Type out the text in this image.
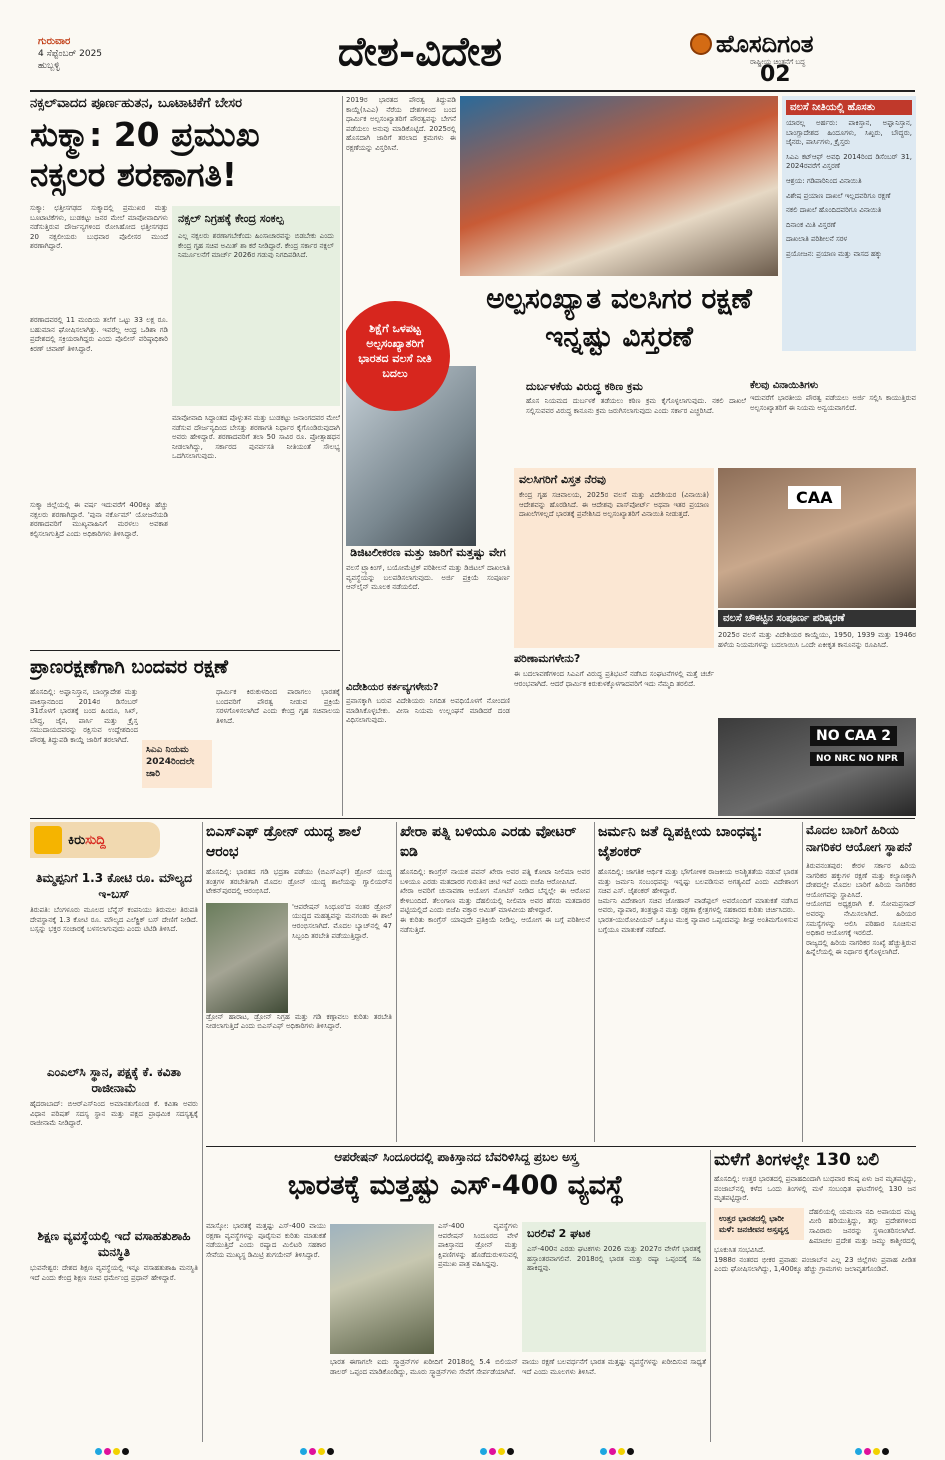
ಗುರುವಾರ
4 ಸೆಪ್ಟೆಂಬರ್ 2025
ಹುಬ್ಬಳ್ಳಿ	ದೇಶ-ವಿದೇಶ	ಹೊಸದಿಗಂತ
ರಾಷ್ಟ್ರೀಯ ಚಿಂತನೆಗೆ ಬದ್ಧ
02
ನಕ್ಸಲ್‌ವಾದದ ಪೂರ್ಣಹುತನ, ಬೂಟಾಟಿಕೆಗೆ ಬೇಸರ
ಸುಕ್ಮಾ: 20 ಪ್ರಮುಖ ನಕ್ಸಲರ ಶರಣಾಗತಿ!
ಸುಕ್ಮಾ: ಛತ್ತೀಸಗಢದ ಸುಕ್ಮಾದಲ್ಲಿ ಪ್ರಮುಖರ ಮತ್ತು ಬೂಟಾಟಿಕೆಗಳು, ಬುಡಕಟ್ಟು ಜನರ ಮೇಲೆ ಮಾವೋವಾದಿಗಳು ನಡೆಸುತ್ತಿರುವ ದೌರ್ಜನ್ಯಗಳಿಂದ ರೋಸಿಹೋದ ಛತ್ತೀಸಗಢದ 20 ನಕ್ಸಲೀಯರು ಬುಧವಾರ ಪೊಲೀಸರ ಮುಂದೆ ಶರಣಾಗಿದ್ದಾರೆ.
ನಕ್ಸಲ್ ನಿಗ್ರಹಕ್ಕೆ ಕೇಂದ್ರ ಸಂಕಲ್ಪ
ಎಲ್ಲ ನಕ್ಸಲರು ಶರಣಾಗಬೇಕೆಂದು ಹಿಂಸಾಚಾರವನ್ನು ಬಿಡಬೇಕು ಎಂದು ಕೇಂದ್ರ ಗೃಹ ಸಚಿವ ಅಮಿತ್ ಶಾ ಕರೆ ನೀಡಿದ್ದಾರೆ. ಕೇಂದ್ರ ಸರ್ಕಾರ ನಕ್ಸಲ್ ನಿರ್ಮೂಲನೆಗೆ ಮಾರ್ಚ್ 2026ರ ಗಡುವು ನಿಗದಿಪಡಿಸಿದೆ.
ಶರಣಾದವರಲ್ಲಿ 11 ಮಂದಿಯ ತಲೆಗೆ ಒಟ್ಟು 33 ಲಕ್ಷ ರೂ. ಬಹುಮಾನ ಘೋಷಿಸಲಾಗಿತ್ತು. ಇವರೆಲ್ಲ ಆಂಧ್ರ ಒಡಿಶಾ ಗಡಿ ಪ್ರದೇಶದಲ್ಲಿ ಸಕ್ರಿಯರಾಗಿದ್ದರು ಎಂದು ಪೊಲೀಸ್ ವರಿಷ್ಠಾಧಿಕಾರಿ ಕಿರಣ್ ಚವಾಣ್ ತಿಳಿಸಿದ್ದಾರೆ.
ಮಾವೋವಾದಿ ಸಿದ್ಧಾಂತದ ಪೊಳ್ಳುತನ ಮತ್ತು ಬುಡಕಟ್ಟು ಜನಾಂಗದವರ ಮೇಲೆ ನಡೆಸುವ ದೌರ್ಜನ್ಯದಿಂದ ಬೇಸತ್ತು ಶರಣಾಗತಿ ನಿರ್ಧಾರ ಕೈಗೊಂಡಿರುವುದಾಗಿ ಅವರು ಹೇಳಿದ್ದಾರೆ. ಶರಣಾದವರಿಗೆ ತಲಾ 50 ಸಾವಿರ ರೂ. ಪ್ರೋತ್ಸಾಹಧನ ನೀಡಲಾಗಿದ್ದು, ಸರ್ಕಾರದ ಪುನರ್ವಸತಿ ನೀತಿಯಂತೆ ಸೌಲಭ್ಯ ಒದಗಿಸಲಾಗುವುದು.
ಸುಕ್ಮಾ ಜಿಲ್ಲೆಯಲ್ಲಿ ಈ ವರ್ಷ ಇದುವರೆಗೆ 400ಕ್ಕೂ ಹೆಚ್ಚು ನಕ್ಸಲರು ಶರಣಾಗಿದ್ದಾರೆ. 'ಪುನಾ ನರ್ಕೊಮ್' ಯೋಜನೆಯಡಿ ಶರಣಾದವರಿಗೆ ಮುಖ್ಯವಾಹಿನಿಗೆ ಮರಳಲು ಅವಕಾಶ ಕಲ್ಪಿಸಲಾಗುತ್ತಿದೆ ಎಂದು ಅಧಿಕಾರಿಗಳು ತಿಳಿಸಿದ್ದಾರೆ.
ಪ್ರಾಣರಕ್ಷಣೆಗಾಗಿ ಬಂದವರ ರಕ್ಷಣೆ
ಹೊಸದಿಲ್ಲಿ: ಅಫ್ಘಾನಿಸ್ತಾನ, ಬಾಂಗ್ಲಾದೇಶ ಮತ್ತು ಪಾಕಿಸ್ತಾನದಿಂದ 2014ರ ಡಿಸೆಂಬರ್ 31ರೊಳಗೆ ಭಾರತಕ್ಕೆ ಬಂದ ಹಿಂದೂ, ಸಿಖ್, ಬೌದ್ಧ, ಜೈನ, ಪಾರ್ಸಿ ಮತ್ತು ಕ್ರೈಸ್ತ ಸಮುದಾಯದವರನ್ನು ರಕ್ಷಿಸುವ ಉದ್ದೇಶದಿಂದ ಪೌರತ್ವ ತಿದ್ದುಪಡಿ ಕಾಯ್ದೆ ಜಾರಿಗೆ ತರಲಾಗಿದೆ.
ಸಿಎಎ ನಿಯಮ 2024ರಿಂದಲೇ ಜಾರಿ
ಧಾರ್ಮಿಕ ಕಿರುಕುಳದಿಂದ ಪಾರಾಗಲು ಭಾರತಕ್ಕೆ ಬಂದವರಿಗೆ ಪೌರತ್ವ ನೀಡುವ ಪ್ರಕ್ರಿಯೆ ಸರಳಗೊಳಿಸಲಾಗಿದೆ ಎಂದು ಕೇಂದ್ರ ಗೃಹ ಸಚಿವಾಲಯ ತಿಳಿಸಿದೆ.
2019ರ ಭಾರತದ ಪೌರತ್ವ ತಿದ್ದುಪಡಿ ಕಾಯ್ದೆ(ಸಿಎಎ) ನೆರೆಯ ದೇಶಗಳಿಂದ ಬಂದ ಧಾರ್ಮಿಕ ಅಲ್ಪಸಂಖ್ಯಾತರಿಗೆ ಪೌರತ್ವವನ್ನು ಬೇಗನೆ ಪಡೆಯಲು ಅನುವು ಮಾಡಿಕೊಟ್ಟಿದೆ. 2025ರಲ್ಲಿ ಹೊಸದಾಗಿ ಜಾರಿಗೆ ತರಲಾದ ಕ್ರಮಗಳು ಈ ರಕ್ಷಣೆಯನ್ನು ವಿಸ್ತರಿಸಿವೆ.
ವಲಸೆ ನೀತಿಯಲ್ಲಿ ಹೊಸತು
ಯಾರಲ್ಲ ಅರ್ಹರು: ಪಾಕಿಸ್ತಾನ, ಅಫ್ಘಾನಿಸ್ತಾನ, ಬಾಂಗ್ಲಾದೇಶದ ಹಿಂದೂಗಳು, ಸಿಖ್ಖರು, ಬೌದ್ಧರು, ಜೈನರು, ಪಾರ್ಸಿಗಳು, ಕ್ರೈಸ್ತರು
ಸಿಎಎ ಕಟ್‌ಆಫ್ ಅವಧಿ 2014ರಿಂದ ಡಿಸೆಂಬರ್ 31, 2024ರವರೆಗೆ ವಿಸ್ತರಣೆ
ಆಶ್ರಯ: ಗಡಿಪಾರಿನಿಂದ ವಿನಾಯಿತಿ
ವಿಶೇಷ ಪ್ರಯಾಣ ದಾಖಲೆ ಇಲ್ಲದವರಿಗೂ ರಕ್ಷಣೆ
ನಕಲಿ ದಾಖಲೆ ಹೊಂದಿದವರಿಗೂ ವಿನಾಯಿತಿ
ದಿನಾಂಕ ಮಿತಿ ವಿಸ್ತರಣೆ
ದಾಖಲಾತಿ ಪರಿಶೀಲನೆ ಸರಳ
ಪ್ರಯೋಜನ: ಪ್ರಯಾಣ ಮತ್ತು ವಾಸದ ಹಕ್ಕು
ಅಲ್ಪಸಂಖ್ಯಾತ ವಲಸಿಗರ ರಕ್ಷಣೆ ಇನ್ನಷ್ಟು ವಿಸ್ತರಣೆ
ಶಿಕ್ಷೆಗೆ ಒಳಪಟ್ಟ ಅಲ್ಪಸಂಖ್ಯಾತರಿಗೆ ಭಾರತದ ವಲಸೆ ನೀತಿ ಬದಲು
ದುರ್ಬಳಕೆಯ ವಿರುದ್ಧ ಕಠಿಣ ಕ್ರಮ
ಹೊಸ ನಿಯಮದ ದುರ್ಬಳಕೆ ತಡೆಯಲು ಕಠಿಣ ಕ್ರಮ ಕೈಗೊಳ್ಳಲಾಗುವುದು. ನಕಲಿ ದಾಖಲೆ ಸಲ್ಲಿಸುವವರ ವಿರುದ್ಧ ಕಾನೂನು ಕ್ರಮ ಜರುಗಿಸಲಾಗುವುದು ಎಂದು ಸರ್ಕಾರ ಎಚ್ಚರಿಸಿದೆ.
ಕೆಲವು ವಿನಾಯಿತಿಗಳು
ಇದುವರೆಗೆ ಭಾರತೀಯ ಪೌರತ್ವ ಪಡೆಯಲು ಅರ್ಜಿ ಸಲ್ಲಿಸಿ ಕಾಯುತ್ತಿರುವ ಅಲ್ಪಸಂಖ್ಯಾತರಿಗೆ ಈ ನಿಯಮ ಅನ್ವಯವಾಗಲಿದೆ.
ವಲಸಿಗರಿಗೆ ವಿಸ್ತತ ನೆರವು
ಕೇಂದ್ರ ಗೃಹ ಸಚಿವಾಲಯ, 2025ರ ವಲಸೆ ಮತ್ತು ವಿದೇಶಿಯರ (ವಿನಾಯಿತಿ) ಆದೇಶವನ್ನು ಹೊರಡಿಸಿದೆ. ಈ ಆದೇಶವು ಪಾಸ್‌ಪೋರ್ಟ್ ಅಥವಾ ಇತರ ಪ್ರಯಾಣ ದಾಖಲೆಗಳಿಲ್ಲದೆ ಭಾರತಕ್ಕೆ ಪ್ರವೇಶಿಸಿದ ಅಲ್ಪಸಂಖ್ಯಾತರಿಗೆ ವಿನಾಯಿತಿ ನೀಡುತ್ತದೆ.
CAA
ವಲಸೆ ಚೌಕಟ್ಟಿನ ಸಂಪೂರ್ಣ ಪರಿಷ್ಕರಣೆ
2025ರ ವಲಸೆ ಮತ್ತು ವಿದೇಶಿಯರ ಕಾಯ್ದೆಯು, 1950, 1939 ಮತ್ತು 1946ರ ಹಳೆಯ ನಿಯಮಗಳನ್ನು ಬದಲಾಯಿಸಿ ಒಂದೇ ಏಕೀಕೃತ ಕಾನೂನನ್ನು ರೂಪಿಸಿದೆ.
ಡಿಜಿಟಲೀಕರಣ ಮತ್ತು ಜಾರಿಗೆ ಮತ್ತಷ್ಟು ವೇಗ
ವಲಸೆ ಟ್ರ್ಯಾಕಿಂಗ್, ಬಯೋಮೆಟ್ರಿಕ್ ಪರಿಶೀಲನೆ ಮತ್ತು ಡಿಜಿಟಲ್ ದಾಖಲಾತಿ ವ್ಯವಸ್ಥೆಯನ್ನು ಬಲಪಡಿಸಲಾಗುವುದು. ಅರ್ಜಿ ಪ್ರಕ್ರಿಯೆ ಸಂಪೂರ್ಣ ಆನ್‌ಲೈನ್ ಮೂಲಕ ನಡೆಯಲಿದೆ.
ಪರಿಣಾಮಗಳೇನು?
ಈ ಬದಲಾವಣೆಗಳಿಂದ ಸಿಎಎಗೆ ವಿರುದ್ಧ ಪ್ರತಿಭಟನೆ ನಡೆಸಿದ ಸಂಘಟನೆಗಳಲ್ಲಿ ಮತ್ತೆ ಚರ್ಚೆ ಆರಂಭವಾಗಿದೆ. ಆದರೆ ಧಾರ್ಮಿಕ ಕಿರುಕುಳಕ್ಕೊಳಗಾದವರಿಗೆ ಇದು ನೆಮ್ಮದಿ ತರಲಿದೆ.
ವಿದೇಶಿಯರ ಕರ್ತವ್ಯಗಳೇನು?
ಪ್ರವಾಸಕ್ಕಾಗಿ ಬರುವ ವಿದೇಶಿಯರು ನಿಗದಿತ ಅವಧಿಯೊಳಗೆ ನೋಂದಣಿ ಮಾಡಿಸಿಕೊಳ್ಳಬೇಕು. ವೀಸಾ ನಿಯಮ ಉಲ್ಲಂಘನೆ ಮಾಡಿದರೆ ದಂಡ ವಿಧಿಸಲಾಗುವುದು.
NO CAA 2
NO NRC NO NPR
ಕಿರು ಸುದ್ದಿ
ತಿಮ್ಮಪ್ಪನಿಗೆ 1.3 ಕೋಟಿ ರೂ. ಮೌಲ್ಯದ ಇ-ಬಸ್
ತಿರುಪತಿ: ಬೆಂಗಳೂರು ಮೂಲದ ಬೆನ್ನೆಸ್ ಕಂಪನಿಯು ತಿರುಮಲ ತಿರುಪತಿ ದೇವಸ್ಥಾನಕ್ಕೆ 1.3 ಕೋಟಿ ರೂ. ಮೌಲ್ಯದ ಎಲೆಕ್ಟ್ರಿಕ್ ಬಸ್ ದೇಣಿಗೆ ನೀಡಿದೆ. ಬಸ್ಸನ್ನು ಭಕ್ತರ ಸಂಚಾರಕ್ಕೆ ಬಳಸಲಾಗುವುದು ಎಂದು ಟಿಟಿಡಿ ತಿಳಿಸಿದೆ.
ಎಂಎಲ್‌ಸಿ ಸ್ಥಾನ, ಪಕ್ಷಕ್ಕೆ ಕೆ. ಕವಿತಾ ರಾಜೀನಾಮೆ
ಹೈದರಾಬಾದ್: ಬಿಆರ್‌ಎಸ್‌ನಿಂದ ಅಮಾನತುಗೊಂಡ ಕೆ. ಕವಿತಾ ಅವರು ವಿಧಾನ ಪರಿಷತ್ ಸದಸ್ಯ ಸ್ಥಾನ ಮತ್ತು ಪಕ್ಷದ ಪ್ರಾಥಮಿಕ ಸದಸ್ಯತ್ವಕ್ಕೆ ರಾಜೀನಾಮೆ ನೀಡಿದ್ದಾರೆ.
ಶಿಕ್ಷಣ ವ್ಯವಸ್ಥೆಯಲ್ಲಿ ಇದೆ ವಸಾಹತುಶಾಹಿ ಮನಸ್ಥಿತಿ
ಭುವನೇಶ್ವರ: ದೇಶದ ಶಿಕ್ಷಣ ವ್ಯವಸ್ಥೆಯಲ್ಲಿ ಇನ್ನೂ ವಸಾಹತುಶಾಹಿ ಮನಸ್ಥಿತಿ ಇದೆ ಎಂದು ಕೇಂದ್ರ ಶಿಕ್ಷಣ ಸಚಿವ ಧರ್ಮೇಂದ್ರ ಪ್ರಧಾನ್ ಹೇಳಿದ್ದಾರೆ.
ಬಿಎಸ್‌ಎಫ್ ಡ್ರೋನ್ ಯುದ್ಧ ಶಾಲೆ ಆರಂಭ
ಹೊಸದಿಲ್ಲಿ: ಭಾರತದ ಗಡಿ ಭದ್ರತಾ ಪಡೆಯು (ಬಿಎಸ್‌ಎಫ್) ಡ್ರೋನ್ ಯುದ್ಧ ತಂತ್ರಗಳ ತರಬೇತಿಗಾಗಿ ಮೊದಲ ಡ್ರೋನ್ ಯುದ್ಧ ಶಾಲೆಯನ್ನು ಗ್ವಾಲಿಯರ್‌ನ ಟೇಕನ್‌ಪುರದಲ್ಲಿ ಆರಂಭಿಸಿದೆ.
'ಆಪರೇಷನ್ ಸಿಂಧೂರ'ದ ನಂತರ ಡ್ರೋನ್ ಯುದ್ಧದ ಮಹತ್ವವನ್ನು ಮನಗಂಡು ಈ ಶಾಲೆ ಆರಂಭಿಸಲಾಗಿದೆ. ಮೊದಲ ಬ್ಯಾಚ್‌ನಲ್ಲಿ 47 ಸಿಬ್ಬಂದಿ ತರಬೇತಿ ಪಡೆಯುತ್ತಿದ್ದಾರೆ.
ಡ್ರೋನ್ ಹಾರಾಟ, ಡ್ರೋನ್ ನಿಗ್ರಹ ಮತ್ತು ಗಡಿ ಕಣ್ಗಾವಲು ಕುರಿತು ತರಬೇತಿ ನೀಡಲಾಗುತ್ತಿದೆ ಎಂದು ಬಿಎಸ್‌ಎಫ್ ಅಧಿಕಾರಿಗಳು ತಿಳಿಸಿದ್ದಾರೆ.
ಖೇರಾ ಪತ್ನಿ ಬಳಿಯೂ ಎರಡು ವೋಟರ್ ಐಡಿ
ಹೊಸದಿಲ್ಲಿ: ಕಾಂಗ್ರೆಸ್ ನಾಯಕ ಪವನ್ ಖೇರಾ ಅವರ ಪತ್ನಿ ಕೋಟಾ ನೀಲಿಮಾ ಅವರ ಬಳಿಯೂ ಎರಡು ಮತದಾರರ ಗುರುತಿನ ಚೀಟಿ ಇವೆ ಎಂದು ಬಿಜೆಪಿ ಆರೋಪಿಸಿದೆ.
ಖೇರಾ ಅವರಿಗೆ ಚುನಾವಣಾ ಆಯೋಗ ನೋಟಿಸ್ ನೀಡಿದ ಬೆನ್ನಲ್ಲೇ ಈ ಆರೋಪ ಕೇಳಿಬಂದಿದೆ. ತೆಲಂಗಾಣ ಮತ್ತು ದೆಹಲಿಯಲ್ಲಿ ನೀಲಿಮಾ ಅವರ ಹೆಸರು ಮತದಾರರ ಪಟ್ಟಿಯಲ್ಲಿದೆ ಎಂದು ಬಿಜೆಪಿ ವಕ್ತಾರ ಅಮಿತ್ ಮಾಳವೀಯ ಹೇಳಿದ್ದಾರೆ.
ಈ ಕುರಿತು ಕಾಂಗ್ರೆಸ್ ಯಾವುದೇ ಪ್ರತಿಕ್ರಿಯೆ ನೀಡಿಲ್ಲ. ಆಯೋಗ ಈ ಬಗ್ಗೆ ಪರಿಶೀಲನೆ ನಡೆಸುತ್ತಿದೆ.
ಜರ್ಮನಿ ಜತೆ ದ್ವಿಪಕ್ಷೀಯ ಬಾಂಧವ್ಯ: ಜೈಶಂಕರ್
ಹೊಸದಿಲ್ಲಿ: ಜಾಗತಿಕ ಆರ್ಥಿಕ ಮತ್ತು ಭೌಗೋಳಿಕ ರಾಜಕೀಯ ಅನಿಶ್ಚಿತತೆಯ ನಡುವೆ ಭಾರತ ಮತ್ತು ಜರ್ಮನಿ ಸಂಬಂಧವನ್ನು ಇನ್ನಷ್ಟು ಬಲಪಡಿಸುವ ಅಗತ್ಯವಿದೆ ಎಂದು ವಿದೇಶಾಂಗ ಸಚಿವ ಎಸ್. ಜೈಶಂಕರ್ ಹೇಳಿದ್ದಾರೆ.
ಜರ್ಮನಿ ವಿದೇಶಾಂಗ ಸಚಿವ ಜೋಹಾನ್ ವಾಡೆಫುಲ್ ಅವರೊಂದಿಗೆ ಮಾತುಕತೆ ನಡೆಸಿದ ಅವರು, ವ್ಯಾಪಾರ, ತಂತ್ರಜ್ಞಾನ ಮತ್ತು ರಕ್ಷಣಾ ಕ್ಷೇತ್ರಗಳಲ್ಲಿ ಸಹಕಾರದ ಕುರಿತು ಚರ್ಚಿಸಿದರು.
ಭಾರತ-ಯುರೋಪಿಯನ್ ಒಕ್ಕೂಟ ಮುಕ್ತ ವ್ಯಾಪಾರ ಒಪ್ಪಂದವನ್ನು ಶೀಘ್ರ ಅಂತಿಮಗೊಳಿಸುವ ಬಗ್ಗೆಯೂ ಮಾತುಕತೆ ನಡೆದಿದೆ.
ಮೊದಲ ಬಾರಿಗೆ ಹಿರಿಯ ನಾಗರಿಕರ ಆಯೋಗ ಸ್ಥಾಪನೆ
ತಿರುವನಂತಪುರ: ಕೇರಳ ಸರ್ಕಾರ ಹಿರಿಯ ನಾಗರಿಕರ ಹಕ್ಕುಗಳ ರಕ್ಷಣೆ ಮತ್ತು ಕಲ್ಯಾಣಕ್ಕಾಗಿ ದೇಶದಲ್ಲೇ ಮೊದಲ ಬಾರಿಗೆ ಹಿರಿಯ ನಾಗರಿಕರ ಆಯೋಗವನ್ನು ಸ್ಥಾಪಿಸಿದೆ.
ಆಯೋಗದ ಅಧ್ಯಕ್ಷರಾಗಿ ಕೆ. ಸೋಮಪ್ರಸಾದ್ ಅವರನ್ನು ನೇಮಿಸಲಾಗಿದೆ. ಹಿರಿಯರ ಸಮಸ್ಯೆಗಳನ್ನು ಆಲಿಸಿ ಪರಿಹಾರ ಸೂಚಿಸುವ ಅಧಿಕಾರ ಆಯೋಗಕ್ಕೆ ಇರಲಿದೆ.
ರಾಜ್ಯದಲ್ಲಿ ಹಿರಿಯ ನಾಗರಿಕರ ಸಂಖ್ಯೆ ಹೆಚ್ಚುತ್ತಿರುವ ಹಿನ್ನೆಲೆಯಲ್ಲಿ ಈ ನಿರ್ಧಾರ ಕೈಗೊಳ್ಳಲಾಗಿದೆ.
ಆಪರೇಷನ್ ಸಿಂದೂರದಲ್ಲಿ ಪಾಕಿಸ್ತಾನದ ಬೆವರಿಳಿಸಿದ್ದ ಪ್ರಬಲ ಅಸ್ತ್ರ
ಭಾರತಕ್ಕೆ ಮತ್ತಷ್ಟು ಎಸ್-400 ವ್ಯವಸ್ಥೆ
ಮಾಸ್ಕೋ: ಭಾರತಕ್ಕೆ ಮತ್ತಷ್ಟು ಎಸ್-400 ವಾಯು ರಕ್ಷಣಾ ವ್ಯವಸ್ಥೆಗಳನ್ನು ಪೂರೈಸುವ ಕುರಿತು ಮಾತುಕತೆ ನಡೆಯುತ್ತಿದೆ ಎಂದು ರಷ್ಯಾದ ಮಿಲಿಟರಿ ಸಹಕಾರ ಸೇವೆಯ ಮುಖ್ಯಸ್ಥ ಡಿಮಿಟ್ರಿ ಶುಗಯೇವ್ ತಿಳಿಸಿದ್ದಾರೆ.
ಎಸ್-400 ವ್ಯವಸ್ಥೆಗಳು ಆಪರೇಷನ್ ಸಿಂದೂರದ ವೇಳೆ ಪಾಕಿಸ್ತಾನದ ಡ್ರೋನ್ ಮತ್ತು ಕ್ಷಿಪಣಿಗಳನ್ನು ಹೊಡೆದುರುಳಿಸುವಲ್ಲಿ ಪ್ರಮುಖ ಪಾತ್ರ ವಹಿಸಿದ್ದವು.
ಬರಲಿವೆ 2 ಘಟಕ
ಎಸ್-400ನ ಎರಡು ಘಟಕಗಳು 2026 ಮತ್ತು 2027ರ ವೇಳೆಗೆ ಭಾರತಕ್ಕೆ ಹಸ್ತಾಂತರವಾಗಲಿವೆ. 2018ರಲ್ಲಿ ಭಾರತ ಮತ್ತು ರಷ್ಯಾ ಒಪ್ಪಂದಕ್ಕೆ ಸಹಿ ಹಾಕಿದ್ದವು.
ಭಾರತ ಈಗಾಗಲೇ ಐದು ಸ್ಕ್ವಾಡ್ರನ್‌ಗಳ ಖರೀದಿಗೆ 2018ರಲ್ಲಿ 5.4 ಬಿಲಿಯನ್ ಡಾಲರ್ ಒಪ್ಪಂದ ಮಾಡಿಕೊಂಡಿದ್ದು, ಮೂರು ಸ್ಕ್ವಾಡ್ರನ್‌ಗಳು ಸೇವೆಗೆ ಸೇರ್ಪಡೆಯಾಗಿವೆ.
ವಾಯು ರಕ್ಷಣೆ ಬಲವರ್ಧನೆಗೆ ಭಾರತ ಮತ್ತಷ್ಟು ವ್ಯವಸ್ಥೆಗಳನ್ನು ಖರೀದಿಸುವ ಸಾಧ್ಯತೆ ಇದೆ ಎಂದು ಮೂಲಗಳು ತಿಳಿಸಿವೆ.
ಮಳೆಗೆ ತಿಂಗಳಲ್ಲೇ 130 ಬಲಿ
ಹೊಸದಿಲ್ಲಿ: ಉತ್ತರ ಭಾರತದಲ್ಲಿ ಪ್ರವಾಹದಿಂದಾಗಿ ಬುಧವಾರ ಕನಿಷ್ಠ ಏಳು ಜನ ಮೃತಪಟ್ಟಿದ್ದು, ಪಂಜಾಬ್‌ನಲ್ಲಿ ಕಳೆದ ಒಂದು ತಿಂಗಳಲ್ಲಿ ಮಳೆ ಸಂಬಂಧಿತ ಘಟನೆಗಳಲ್ಲಿ 130 ಜನ ಮೃತಪಟ್ಟಿದ್ದಾರೆ.
ಉತ್ತರ ಭಾರತದಲ್ಲಿ ಭಾರೀ ಮಳೆ: ಜನಜೀವನ ಅಸ್ತವ್ಯಸ್ತ
ದೆಹಲಿಯಲ್ಲಿ ಯಮುನಾ ನದಿ ಅಪಾಯದ ಮಟ್ಟ ಮೀರಿ ಹರಿಯುತ್ತಿದ್ದು, ತಗ್ಗು ಪ್ರದೇಶಗಳಿಂದ ಸಾವಿರಾರು ಜನರನ್ನು ಸ್ಥಳಾಂತರಿಸಲಾಗಿದೆ. ಹಿಮಾಚಲ ಪ್ರದೇಶ ಮತ್ತು ಜಮ್ಮು ಕಾಶ್ಮೀರದಲ್ಲಿ ಭೂಕುಸಿತ ಸಂಭವಿಸಿದೆ.
1988ರ ನಂತರದ ಭೀಕರ ಪ್ರವಾಹ: ಪಂಜಾಬ್‌ನ ಎಲ್ಲ 23 ಜಿಲ್ಲೆಗಳು ಪ್ರವಾಹ ಪೀಡಿತ ಎಂದು ಘೋಷಿಸಲಾಗಿದ್ದು, 1,400ಕ್ಕೂ ಹೆಚ್ಚು ಗ್ರಾಮಗಳು ಜಲಾವೃತಗೊಂಡಿವೆ.
